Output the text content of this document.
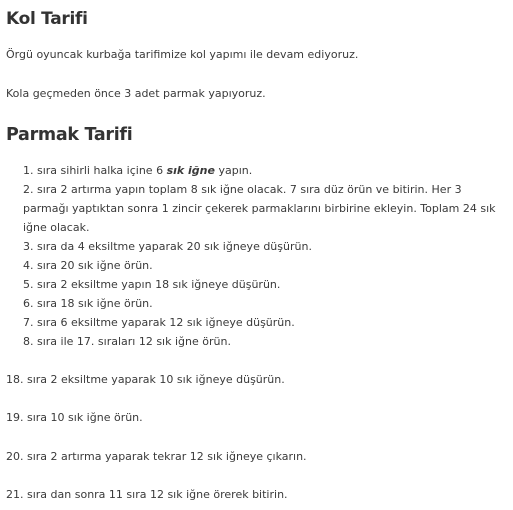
Kol Tarifi

Örgü oyuncak kurbağa tarifimize kol yapımı ile devam ediyoruz.

Kola geçmeden önce 3 adet parmak yapıyoruz.

Parmak Tarifi
1. sıra sihirli halka içine 6 sık iğne yapın.
2. sıra 2 artırma yapın toplam 8 sık iğne olacak. 7 sıra düz örün ve bitirin. Her 3 parmağı yaptıktan sonra 1 zincir çekerek parmaklarını birbirine ekleyin. Toplam 24 sık iğne olacak.
3. sıra da 4 eksiltme yaparak 20 sık iğneye düşürün.
4. sıra 20 sık iğne örün.
5. sıra 2 eksiltme yapın 18 sık iğneye düşürün.
6. sıra 18 sık iğne örün.
7. sıra 6 eksiltme yaparak 12 sık iğneye düşürün.
8. sıra ile 17. sıraları 12 sık iğne örün.

18. sıra 2 eksiltme yaparak 10 sık iğneye düşürün.

19. sıra 10 sık iğne örün.

20. sıra 2 artırma yaparak tekrar 12 sık iğneye çıkarın.

21. sıra dan sonra 11 sıra 12 sık iğne örerek bitirin.
